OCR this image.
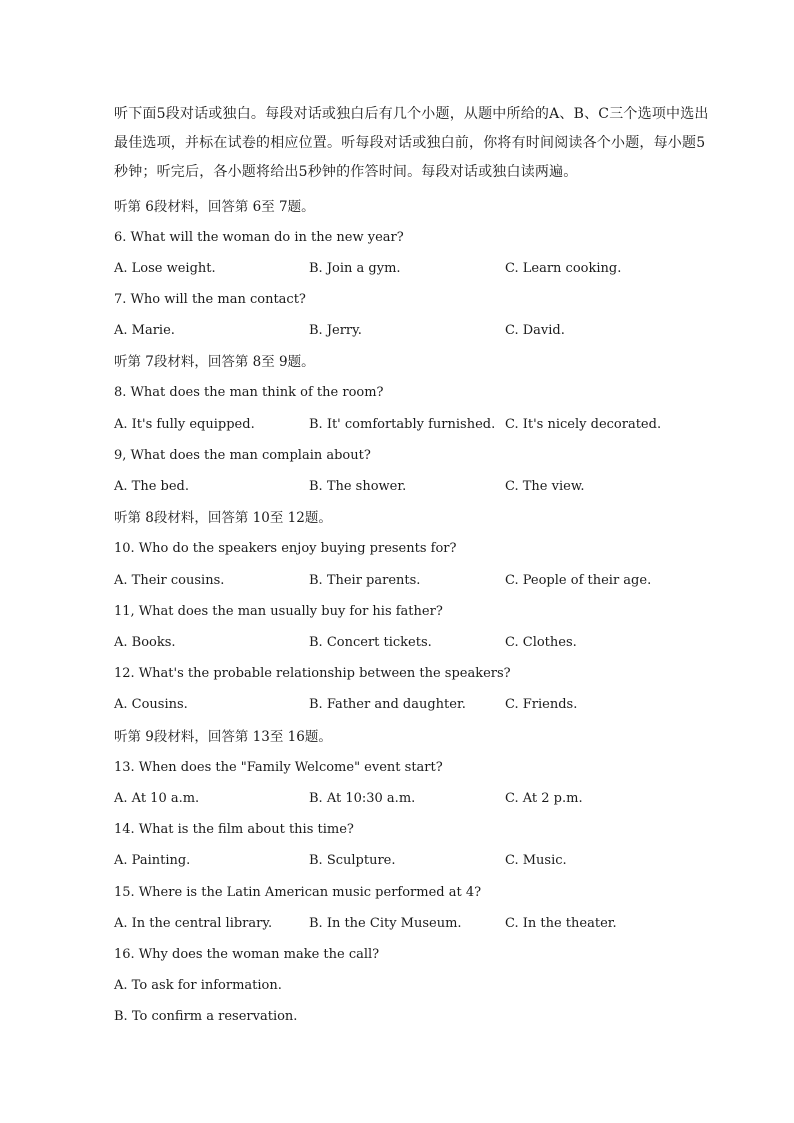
听下面5段对话或独白。每段对话或独白后有几个小题，从题中所给的A、B、C三个选项中选出最佳选项，并标在试卷的相应位置。听每段对话或独白前，你将有时间阅读各个小题，每小题5秒钟；听完后，各小题将给出5秒钟的作答时间。每段对话或独白读两遍。
听第 6段材料，回答第 6至 7题。
6. What will the woman do in the new year?
A. Lose weight.	B. Join a gym.	C. Learn cooking.
7. Who will the man contact?
A. Marie.	B. Jerry.	C. David.
听第 7段材料，回答第 8至 9题。
8. What does the man think of the room?
A. It's fully equipped.	B. It' comfortably furnished. C. It's nicely decorated.
9, What does the man complain about?
A. The bed.	B. The shower.	C. The view.
听第 8段材料，回答第 10至 12题。
10. Who do the speakers enjoy buying presents for?
A. Their cousins.	B. Their parents.	C. People of their age.
11, What does the man usually buy for his father?
A. Books.	B. Concert tickets.	C. Clothes.
12. What's the probable relationship between the speakers?
A. Cousins.	B. Father and daughter.	C. Friends.
听第 9段材料，回答第 13至 16题。
13. When does the "Family Welcome" event start?
A. At 10 a.m.	B. At 10:30 a.m.	C. At 2 p.m.
14. What is the film about this time?
A. Painting.	B. Sculpture.	C. Music.
15. Where is the Latin American music performed at 4?
A. In the central library.	B. In the City Museum.	C. In the theater.
16. Why does the woman make the call?
A. To ask for information.
B. To confirm a reservation.
